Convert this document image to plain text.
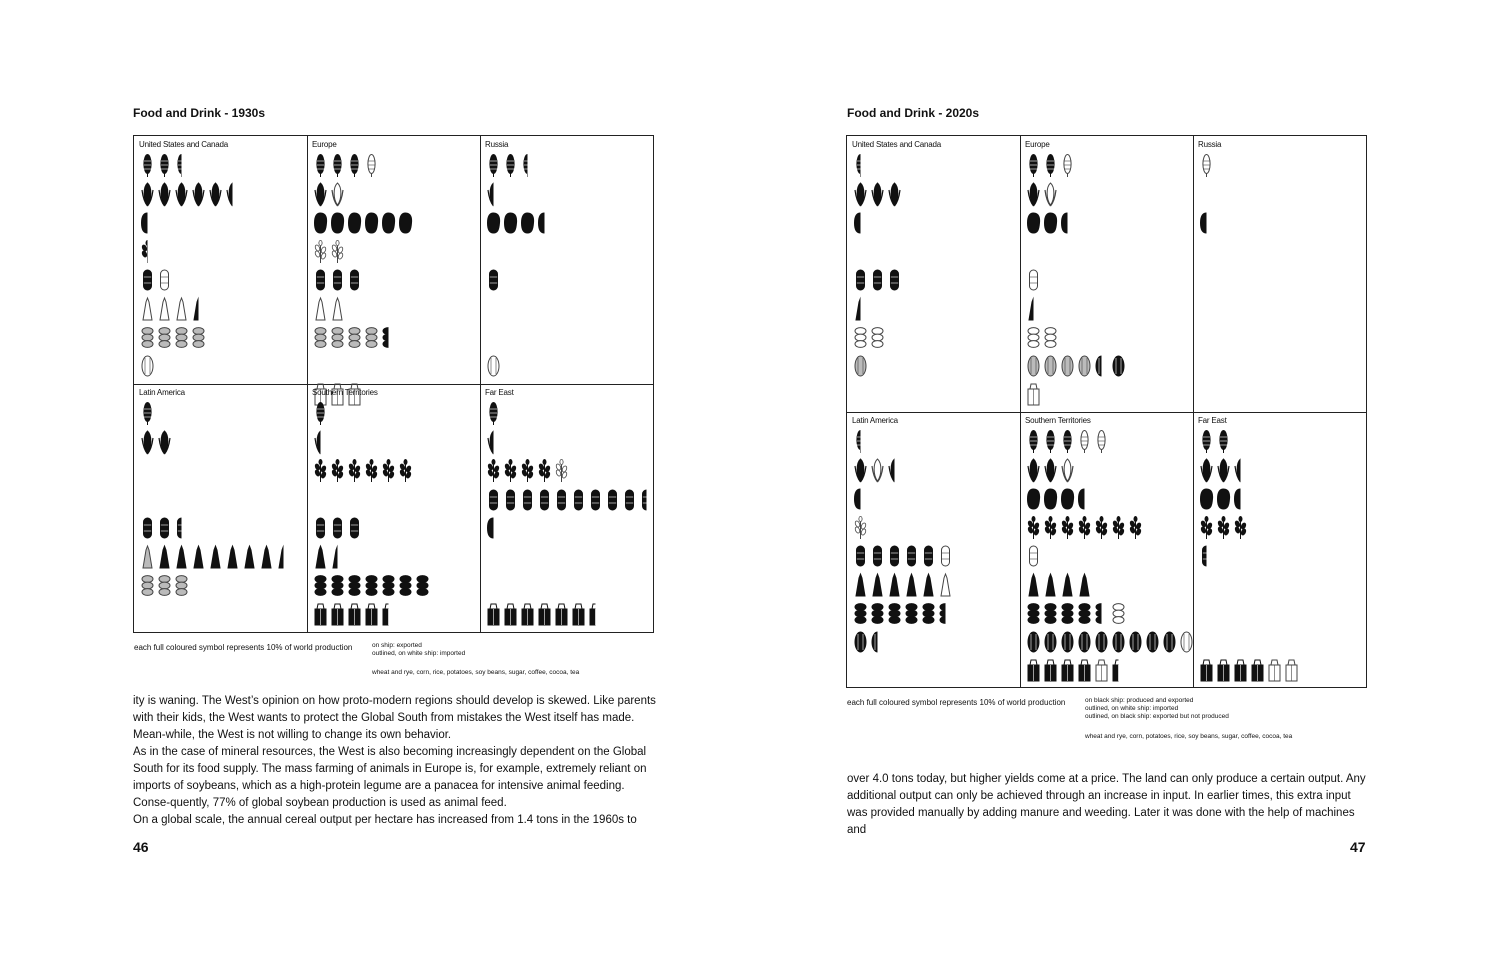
Food and Drink - 1930s
United States and Canada	Europe	Russia
Latin America	Southern Territories	Far East
each full coloured symbol represents 10% of world production	on ship: exported
outlined, on white ship: imported
wheat and rye, corn, rice, potatoes, soy beans, sugar, coffee, cocoa, tea

ity is waning. The West’s opinion on how proto-modern regions should develop is skewed. Like parents with their kids, the West wants to protect the Global South from mistakes the West itself has made. Mean-while, the West is not willing to change its own behavior.

As in the case of mineral resources, the West is also becoming increasingly dependent on the Global South for its food supply. The mass farming of animals in Europe is, for example, extremely reliant on imports of soybeans, which as a high-protein legume are a panacea for intensive animal feeding. Conse-quently, 77% of global soybean production is used as animal feed.

On a global scale, the annual cereal output per hectare has increased from 1.4 tons in the 1960s to

46
Food and Drink - 2020s
United States and Canada	Europe	Russia
Latin America	Southern Territories	Far East
each full coloured symbol represents 10% of world production	on black ship: produced and exported
outlined, on white ship: imported
outlined, on black ship: exported but not produced
wheat and rye, corn, potatoes, rice, soy beans, sugar, coffee, cocoa, tea

over 4.0 tons today, but higher yields come at a price. The land can only produce a certain output. Any additional output can only be achieved through an increase in input. In earlier times, this extra input was provided manually by adding manure and weeding. Later it was done with the help of machines and

47
